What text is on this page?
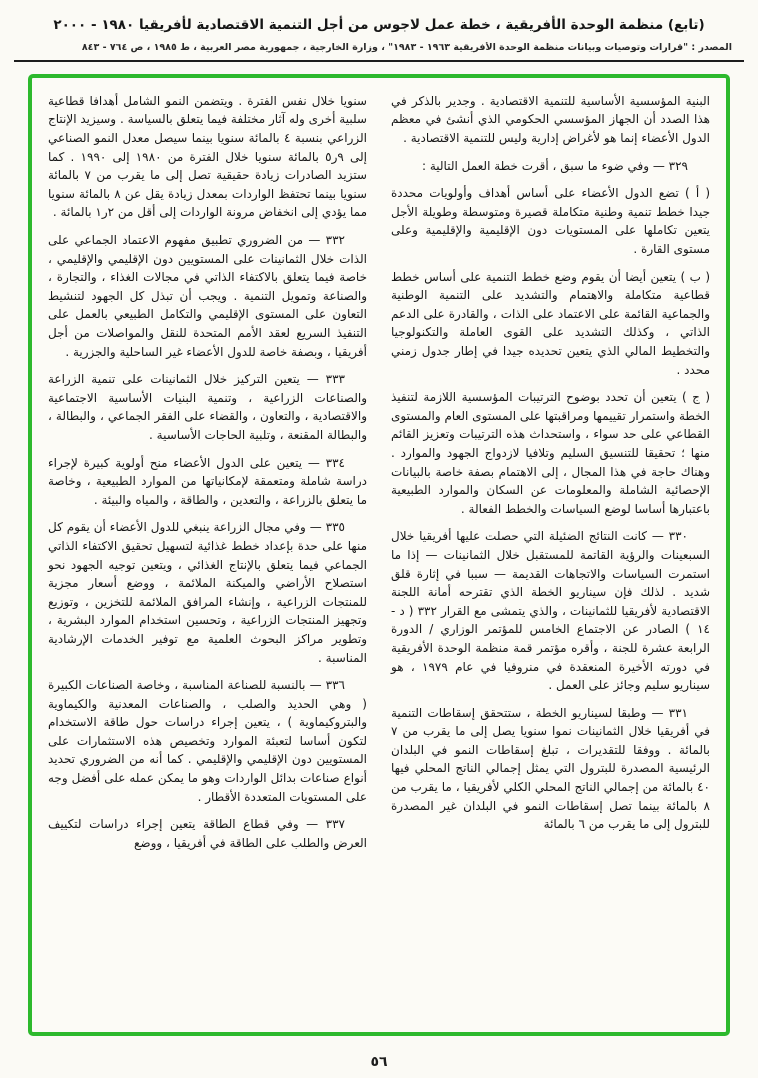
(تابع) منظمة الوحدة الأفريقية ، خطة عمل لاجوس من أجل التنمية الاقتصادية لأفريقيا ١٩٨٠ - ٢٠٠٠
المصدر : "قرارات وتوصيات وبيانات منظمة الوحدة الأفريقية ١٩٦٣ - ١٩٨٣" ، وزارة الخارجية ، جمهورية مصر العربية ، ط ١٩٨٥ ، ص ٧٦٤ - ٨٤٣

البنية المؤسسية الأساسية للتنمية الاقتصادية . وجدير بالذكر في هذا الصدد أن الجهاز المؤسسي الحكومي الذي أنشئ في معظم الدول الأعضاء إنما هو لأغراض إدارية وليس للتنمية الاقتصادية .

٣٢٩ — وفي ضوء ما سبق ، أقرت خطة العمل التالية :

( أ ) تضع الدول الأعضاء على أساس أهداف وأولويات محددة جيدا خطط تنمية وطنية متكاملة قصيرة ومتوسطة وطويلة الأجل يتعين تكاملها على المستويات دون الإقليمية والإقليمية وعلى مستوى القارة .

( ب ) يتعين أيضا أن يقوم وضع خطط التنمية على أساس خطط قطاعية متكاملة والاهتمام والتشديد على التنمية الوطنية والجماعية القائمة على الاعتماد على الذات ، والقادرة على الدعم الذاتي ، وكذلك التشديد على القوى العاملة والتكنولوجيا والتخطيط المالي الذي يتعين تحديده جيدا في إطار جدول زمني محدد .

( ج ) يتعين أن تحدد بوضوح الترتيبات المؤسسية اللازمة لتنفيذ الخطة واستمرار تقييمها ومراقبتها على المستوى العام والمستوى القطاعي على حد سواء ، واستحداث هذه الترتيبات وتعزيز القائم منها ؛ تحقيقا للتنسيق السليم وتلافيا لازدواج الجهود والموارد . وهناك حاجة في هذا المجال ، إلى الاهتمام بصفة خاصة بالبيانات الإحصائية الشاملة والمعلومات عن السكان والموارد الطبيعية باعتبارها أساسا لوضع السياسات والخطط الفعالة .

٣٣٠ — كانت النتائج الضئيلة التي حصلت عليها أفريقيا خلال السبعينات والرؤية القاتمة للمستقبل خلال الثمانينات — إذا ما استمرت السياسات والاتجاهات القديمة — سببا في إثارة قلق شديد . لذلك فإن سيناريو الخطة الذي تقترحه أمانة اللجنة الاقتصادية لأفريقيا للثمانينات ، والذي يتمشى مع القرار ٣٣٢ ( د - ١٤ ) الصادر عن الاجتماع الخامس للمؤتمر الوزاري / الدورة الرابعة عشرة للجنة ، وأقره مؤتمر قمة منظمة الوحدة الأفريقية في دورته الأخيرة المنعقدة في منروفيا في عام ١٩٧٩ ، هو سيناريو سليم وجائز على العمل .

٣٣١ — وطبقا لسيناريو الخطة ، ستتحقق إسقاطات التنمية في أفريقيا خلال الثمانينات نموا سنويا يصل إلى ما يقرب من ٧ بالمائة . ووفقا للتقديرات ، تبلغ إسقاطات النمو في البلدان الرئيسية المصدرة للبترول التي يمثل إجمالي الناتج المحلي فيها ٤٠ بالمائة من إجمالي الناتج المحلي الكلي لأفريقيا ، ما يقرب من ٨ بالمائة بينما تصل إسقاطات النمو في البلدان غير المصدرة للبترول إلى ما يقرب من ٦ بالمائة

سنويا خلال نفس الفترة . ويتضمن النمو الشامل أهدافا قطاعية سلبية أخرى وله آثار مختلفة فيما يتعلق بالسياسة . وسيزيد الإنتاج الزراعي بنسبة ٤ بالمائة سنويا بينما سيصل معدل النمو الصناعي إلى ٩ر٥ بالمائة سنويا خلال الفترة من ١٩٨٠ إلى ١٩٩٠ . كما ستزيد الصادرات زيادة حقيقية تصل إلى ما يقرب من ٧ بالمائة سنويا بينما تحتفظ الواردات بمعدل زيادة يقل عن ٨ بالمائة سنويا مما يؤدي إلى انخفاض مرونة الواردات إلى أقل من ٢ر١ بالمائة .

٣٣٢ — من الضروري تطبيق مفهوم الاعتماد الجماعي على الذات خلال الثمانينات على المستويين دون الإقليمي والإقليمي ، خاصة فيما يتعلق بالاكتفاء الذاتي في مجالات الغذاء ، والتجارة ، والصناعة وتمويل التنمية . ويجب أن تبذل كل الجهود لتنشيط التعاون على المستوى الإقليمي والتكامل الطبيعي بالعمل على التنفيذ السريع لعقد الأمم المتحدة للنقل والمواصلات من أجل أفريقيا ، وبصفة خاصة للدول الأعضاء غير الساحلية والجزرية .

٣٣٣ — يتعين التركيز خلال الثمانينات على تنمية الزراعة والصناعات الزراعية ، وتنمية البنيات الأساسية الاجتماعية والاقتصادية ، والتعاون ، والقضاء على الفقر الجماعي ، والبطالة ، والبطالة المقنعة ، وتلبية الحاجات الأساسية .

٣٣٤ — يتعين على الدول الأعضاء منح أولوية كبيرة لإجراء دراسة شاملة ومتعمقة لإمكانياتها من الموارد الطبيعية ، وخاصة ما يتعلق بالزراعة ، والتعدين ، والطاقة ، والمياه والبيئة .

٣٣٥ — وفي مجال الزراعة ينبغي للدول الأعضاء أن يقوم كل منها على حدة بإعداد خطط غذائية لتسهيل تحقيق الاكتفاء الذاتي الجماعي فيما يتعلق بالإنتاج الغذائي ، ويتعين توجيه الجهود نحو استصلاح الأراضي والميكنة الملائمة ، ووضع أسعار مجزية للمنتجات الزراعية ، وإنشاء المرافق الملائمة للتخزين ، وتوزيع وتجهيز المنتجات الزراعية ، وتحسين استخدام الموارد البشرية ، وتطوير مراكز البحوث العلمية مع توفير الخدمات الإرشادية المناسبة .

٣٣٦ — بالنسبة للصناعة المناسبة ، وخاصة الصناعات الكبيرة ( وهي الحديد والصلب ، والصناعات المعدنية والكيماوية والبتروكيماوية ) ، يتعين إجراء دراسات حول طاقة الاستخدام لتكون أساسا لتعبئة الموارد وتخصيص هذه الاستثمارات على المستويين دون الإقليمي والإقليمي . كما أنه من الضروري تحديد أنواع صناعات بدائل الواردات وهو ما يمكن عمله على أفضل وجه على المستويات المتعددة الأقطار .

٣٣٧ — وفي قطاع الطاقة يتعين إجراء دراسات لتكييف العرض والطلب على الطاقة في أفريقيا ، ووضع

٥٦
